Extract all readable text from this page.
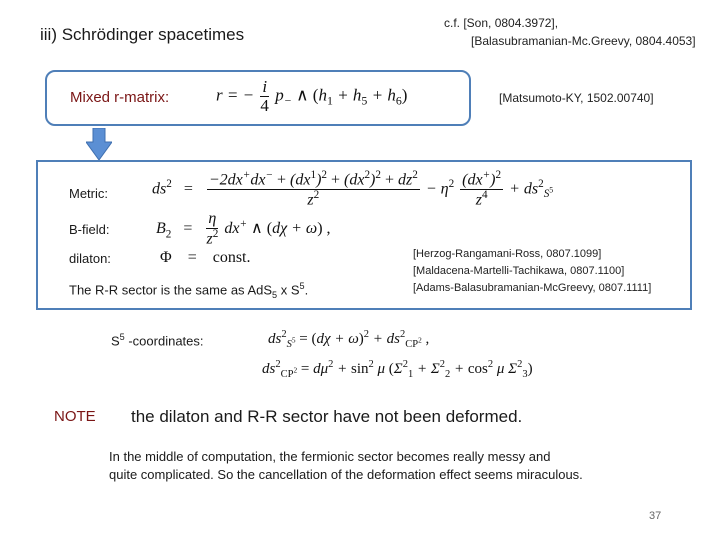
iii) Schrödinger spacetimes
c.f. [Son, 0804.3972],
[Balasubramanian-Mc.Greevy, 0804.4053]
Mixed r-matrix:	r = − $\frac{i}{4} p_-$ ∧ $(h_1 + h_5 + h_6)$	[Matsumoto-KY, 1502.00740]
Metric:	$ds^2 = \frac{-2dx^+dx^- + (dx^1)^2 + (dx^2)^2 + dz^2}{z^2} - \eta^2 \frac{(dx^+)^2}{z^4} + ds^2_{S^5}$
B-field:	$B_2 = \frac{\eta}{z^2} dx^+$ ∧ (dχ + ω) ,
dilaton:	Φ    =    const.
The R-R sector is the same as AdS$_5$ x $S^5$.
[Herzog-Rangamani-Ross, 0807.1099]
[Maldacena-Martelli-Tachikawa, 0807.1100]
[Adams-Balasubramanian-McGreevy, 0807.1111]
$S^5$ -coordinates:	$ds^2_{S^5} = (d\chi + \omega)^2 + ds^2_{CP^2}$ ,
$ds^2_{CP^2} = d\mu^2 + \sin^2 \mu$ ($\Sigma^2_1 + \Sigma^2_2 + \cos^2 \mu$ $\Sigma^2_3$)
NOTE the dilaton and R-R sector have not been deformed.
In the middle of computation, the fermionic sector becomes really messy and
quite complicated. So the cancellation of the deformation effect seems miraculous.
37
